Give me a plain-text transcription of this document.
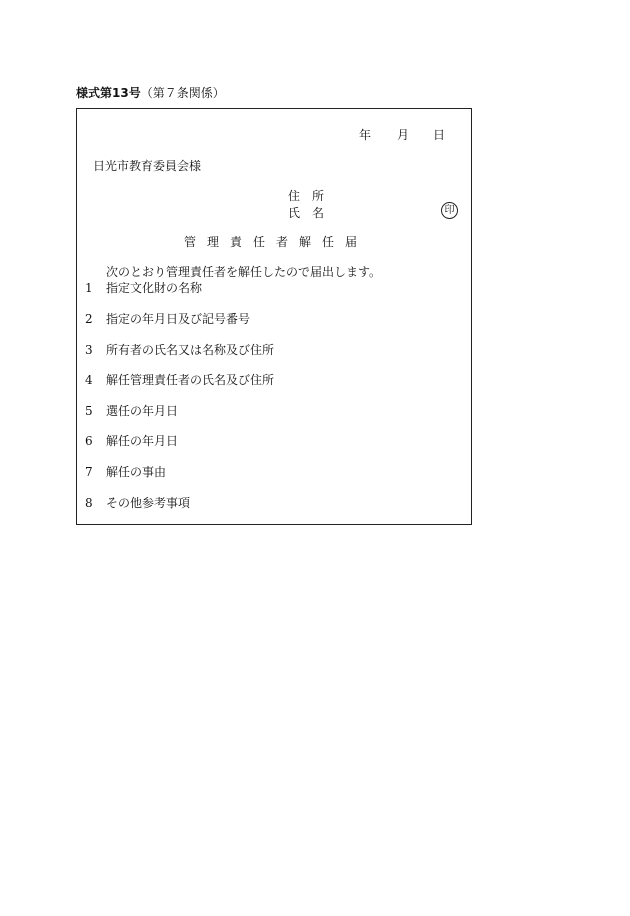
様式第13号（第７条関係）
年 月 日
日光市教育委員会様
住所
氏名	印
管理責任者解任届
次のとおり管理責任者を解任したので届出します。
1 指定文化財の名称
2 指定の年月日及び記号番号
3 所有者の氏名又は名称及び住所
4 解任管理責任者の氏名及び住所
5 選任の年月日
6 解任の年月日
7 解任の事由
8 その他参考事項
